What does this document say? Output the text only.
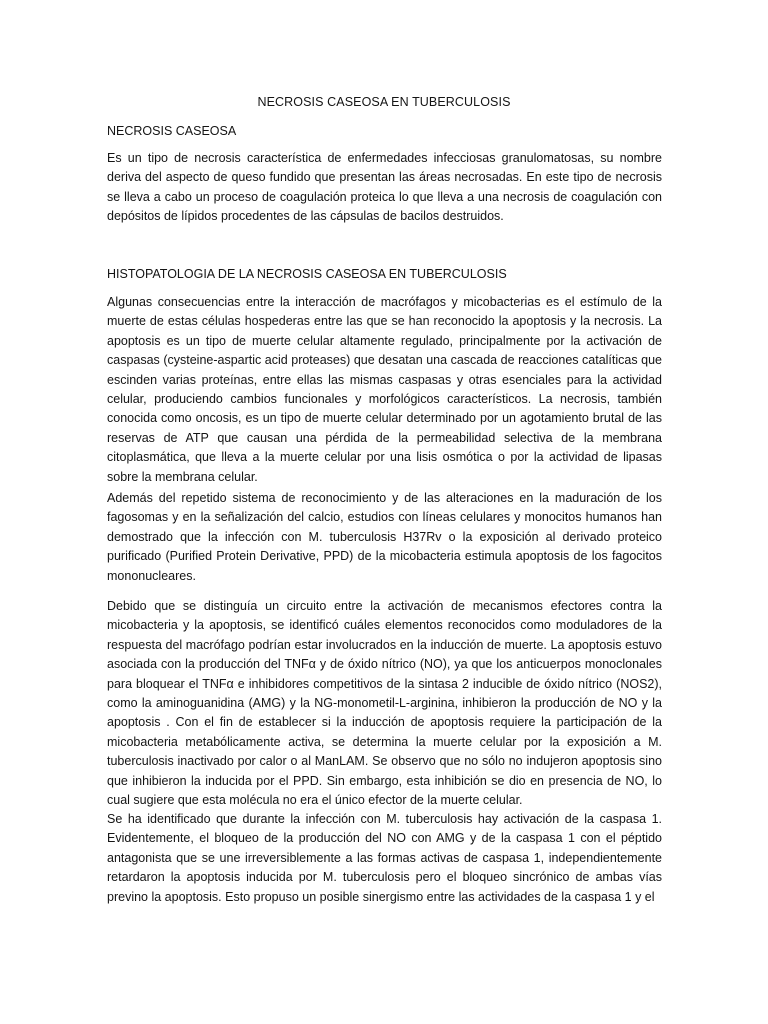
NECROSIS CASEOSA EN TUBERCULOSIS
NECROSIS CASEOSA

Es un tipo de necrosis característica de enfermedades infecciosas granulomatosas, su nombre deriva del aspecto de queso fundido que presentan las áreas necrosadas. En este tipo de necrosis se lleva a cabo un proceso de coagulación proteica lo que lleva a una necrosis de coagulación con depósitos de lípidos procedentes de las cápsulas de bacilos destruidos.

HISTOPATOLOGIA DE LA NECROSIS CASEOSA EN TUBERCULOSIS

Algunas consecuencias entre la interacción de macrófagos y micobacterias es el estímulo de la muerte de estas células hospederas entre las que se han reconocido la apoptosis y la necrosis. La apoptosis es un tipo de muerte celular altamente regulado, principalmente por la activación de caspasas (cysteine-aspartic acid proteases) que desatan una cascada de reacciones catalíticas que escinden varias proteínas, entre ellas las mismas caspasas y otras esenciales para la actividad celular, produciendo cambios funcionales y morfológicos característicos. La necrosis, también conocida como oncosis, es un tipo de muerte celular determinado por un agotamiento brutal de las reservas de ATP que causan una pérdida de la permeabilidad selectiva de la membrana citoplasmática, que lleva a la muerte celular por una lisis osmótica o por la actividad de lipasas sobre la membrana celular.

Además del repetido sistema de reconocimiento y de las alteraciones en la maduración de los fagosomas y en la señalización del calcio, estudios con líneas celulares y monocitos humanos han demostrado que la infección con M. tuberculosis H37Rv o la exposición al derivado proteico purificado (Purified Protein Derivative, PPD) de la micobacteria estimula apoptosis de los fagocitos mononucleares.

Debido que se distinguía un circuito entre la activación de mecanismos efectores contra la micobacteria y la apoptosis, se identificó cuáles elementos reconocidos como moduladores de la respuesta del macrófago podrían estar involucrados en la inducción de muerte. La apoptosis estuvo asociada con la producción del TNFα y de óxido nítrico (NO), ya que los anticuerpos monoclonales para bloquear el TNFα e inhibidores competitivos de la sintasa 2 inducible de óxido nítrico (NOS2), como la aminoguanidina (AMG) y la NG-monometil-L-arginina, inhibieron la producción de NO y la apoptosis . Con el fin de establecer si la inducción de apoptosis requiere la participación de la micobacteria metabólicamente activa, se determina la muerte celular por la exposición a M. tuberculosis inactivado por calor o al ManLAM. Se observo que no sólo no indujeron apoptosis sino que inhibieron la inducida por el PPD. Sin embargo, esta inhibición se dio en presencia de NO, lo cual sugiere que esta molécula no era el único efector de la muerte celular.

Se ha identificado que durante la infección con M. tuberculosis hay activación de la caspasa 1. Evidentemente, el bloqueo de la producción del NO con AMG y de la caspasa 1 con el péptido antagonista que se une irreversiblemente a las formas activas de caspasa 1, independientemente retardaron la apoptosis inducida por M. tuberculosis pero el bloqueo sincrónico de ambas vías previno la apoptosis. Esto propuso un posible sinergismo entre las actividades de la caspasa 1 y el
